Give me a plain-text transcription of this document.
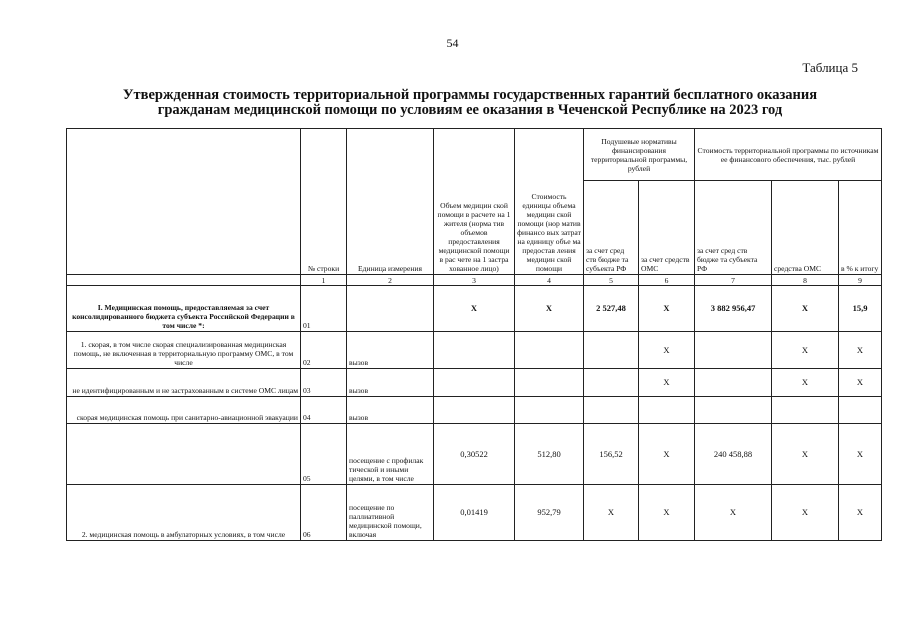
54
Таблица 5
Утвержденная стоимость территориальной программы государственных гарантий бесплатного оказания
гражданам медицинской помощи по условиям ее оказания в Чеченской Республике на 2023 год
	№ строки	Единица измерения	Объем медицин ской помощи в расчете на 1 жителя (норма тив объемов предоставления медицинской помощи в рас чете на 1 застра хованное лицо)	Стоимость единицы объема медицин ской помощи (нор матив финансо вых затрат на единицу объе ма предостав ления медицин ской помощи	Подушевые нормативы финансирования территориальной программы, рублей		Стоимость территориальной программы по источникам ее финансового обеспечения, тыс. рублей		
					за счет сред ств бюдже та субъекта РФ	за счет средств ОМС	за счет сред ств бюдже та субъекта РФ	средства ОМС	в % к итогу
	1	2	3	4	5	6	7	8	9
I. Медицинская помощь, предоставляемая за счет консолидированного бюджета субъекта Российской Федерации в том числе *:	01		X	X	2 527,48	X	3 882 956,47	X	15,9
1. скорая, в том числе скорая специализированная медицинская помощь, не включенная в территориальную программу ОМС, в том числе	02	вызов				X		X	X
не идентифицированным и не застрахованным в системе ОМС лицам	03	вызов				X		X	X
скорая медицинская помощь при санитарно-авиационной эвакуации	04	вызов							
	05	посещение с профилак тической и иными целями, в том числе	0,30522	512,80	156,52	X	240 458,88	X	X
2. медицинская помощь в амбулаторных условиях, в том числе	06	посещение по паллиативной медицинской помощи, включая	0,01419	952,79	X	X	X	X	X
